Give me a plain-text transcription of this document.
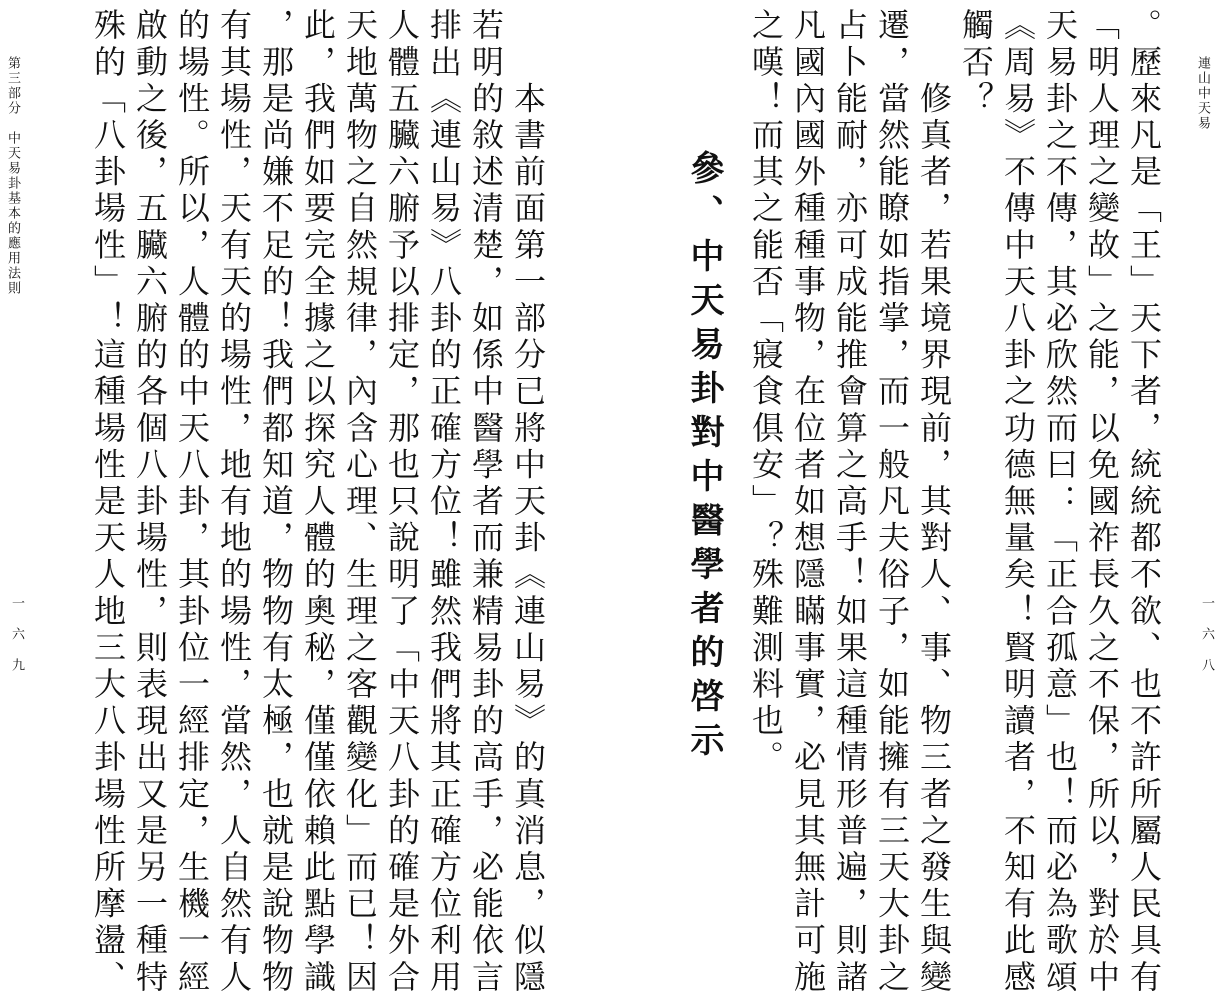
連山中天易
一六八
。歷來凡是「王」天下者，統統都不欲、也不許所屬人民具有
「明人理之變故」之能，以免國祚長久之不保，所以，對於中
天易卦之不傳，其必欣然而曰：「正合孤意」也！而必為歌頌
《周易》不傳中天八卦之功德無量矣！賢明讀者，不知有此感
觸否？
　　修真者，若果境界現前，其對人、事、物三者之發生與變
遷，當然能瞭如指掌，而一般凡夫俗子，如能擁有三天大卦之
占卜能耐，亦可成能推會算之高手！如果這種情形普遍，則諸
凡國內國外種種事物，在位者如想隱瞞事實，必見其無計可施
之嘆！而其之能否「寢食俱安」？殊難測料也。
參、中天易卦對中醫學者的啓示
第三部分　中天易卦基本的應用法則
一六九	　　本書前面第一部分已將中天卦《連山易》的真消息，似隱
若明的敘述清楚，如係中醫學者而兼精易卦的高手，必能依言
排出《連山易》八卦的正確方位！雖然我們將其正確方位利用
人體五臟六腑予以排定，那也只說明了「中天八卦的確是外合
天地萬物之自然規律，內含心理、生理之客觀變化」而已！因
此，我們如要完全據之以探究人體的奧秘，僅僅依賴此點學識
，那是尚嫌不足的！我們都知道，物物有太極，也就是說物物
有其場性，天有天的場性，地有地的場性，當然，人自然有人
的場性。所以，人體的中天八卦，其卦位一經排定，生機一經
啟動之後，五臟六腑的各個八卦場性，則表現出又是另一種特
殊的「八卦場性」！這種場性是天人地三大八卦場性所摩盪、
